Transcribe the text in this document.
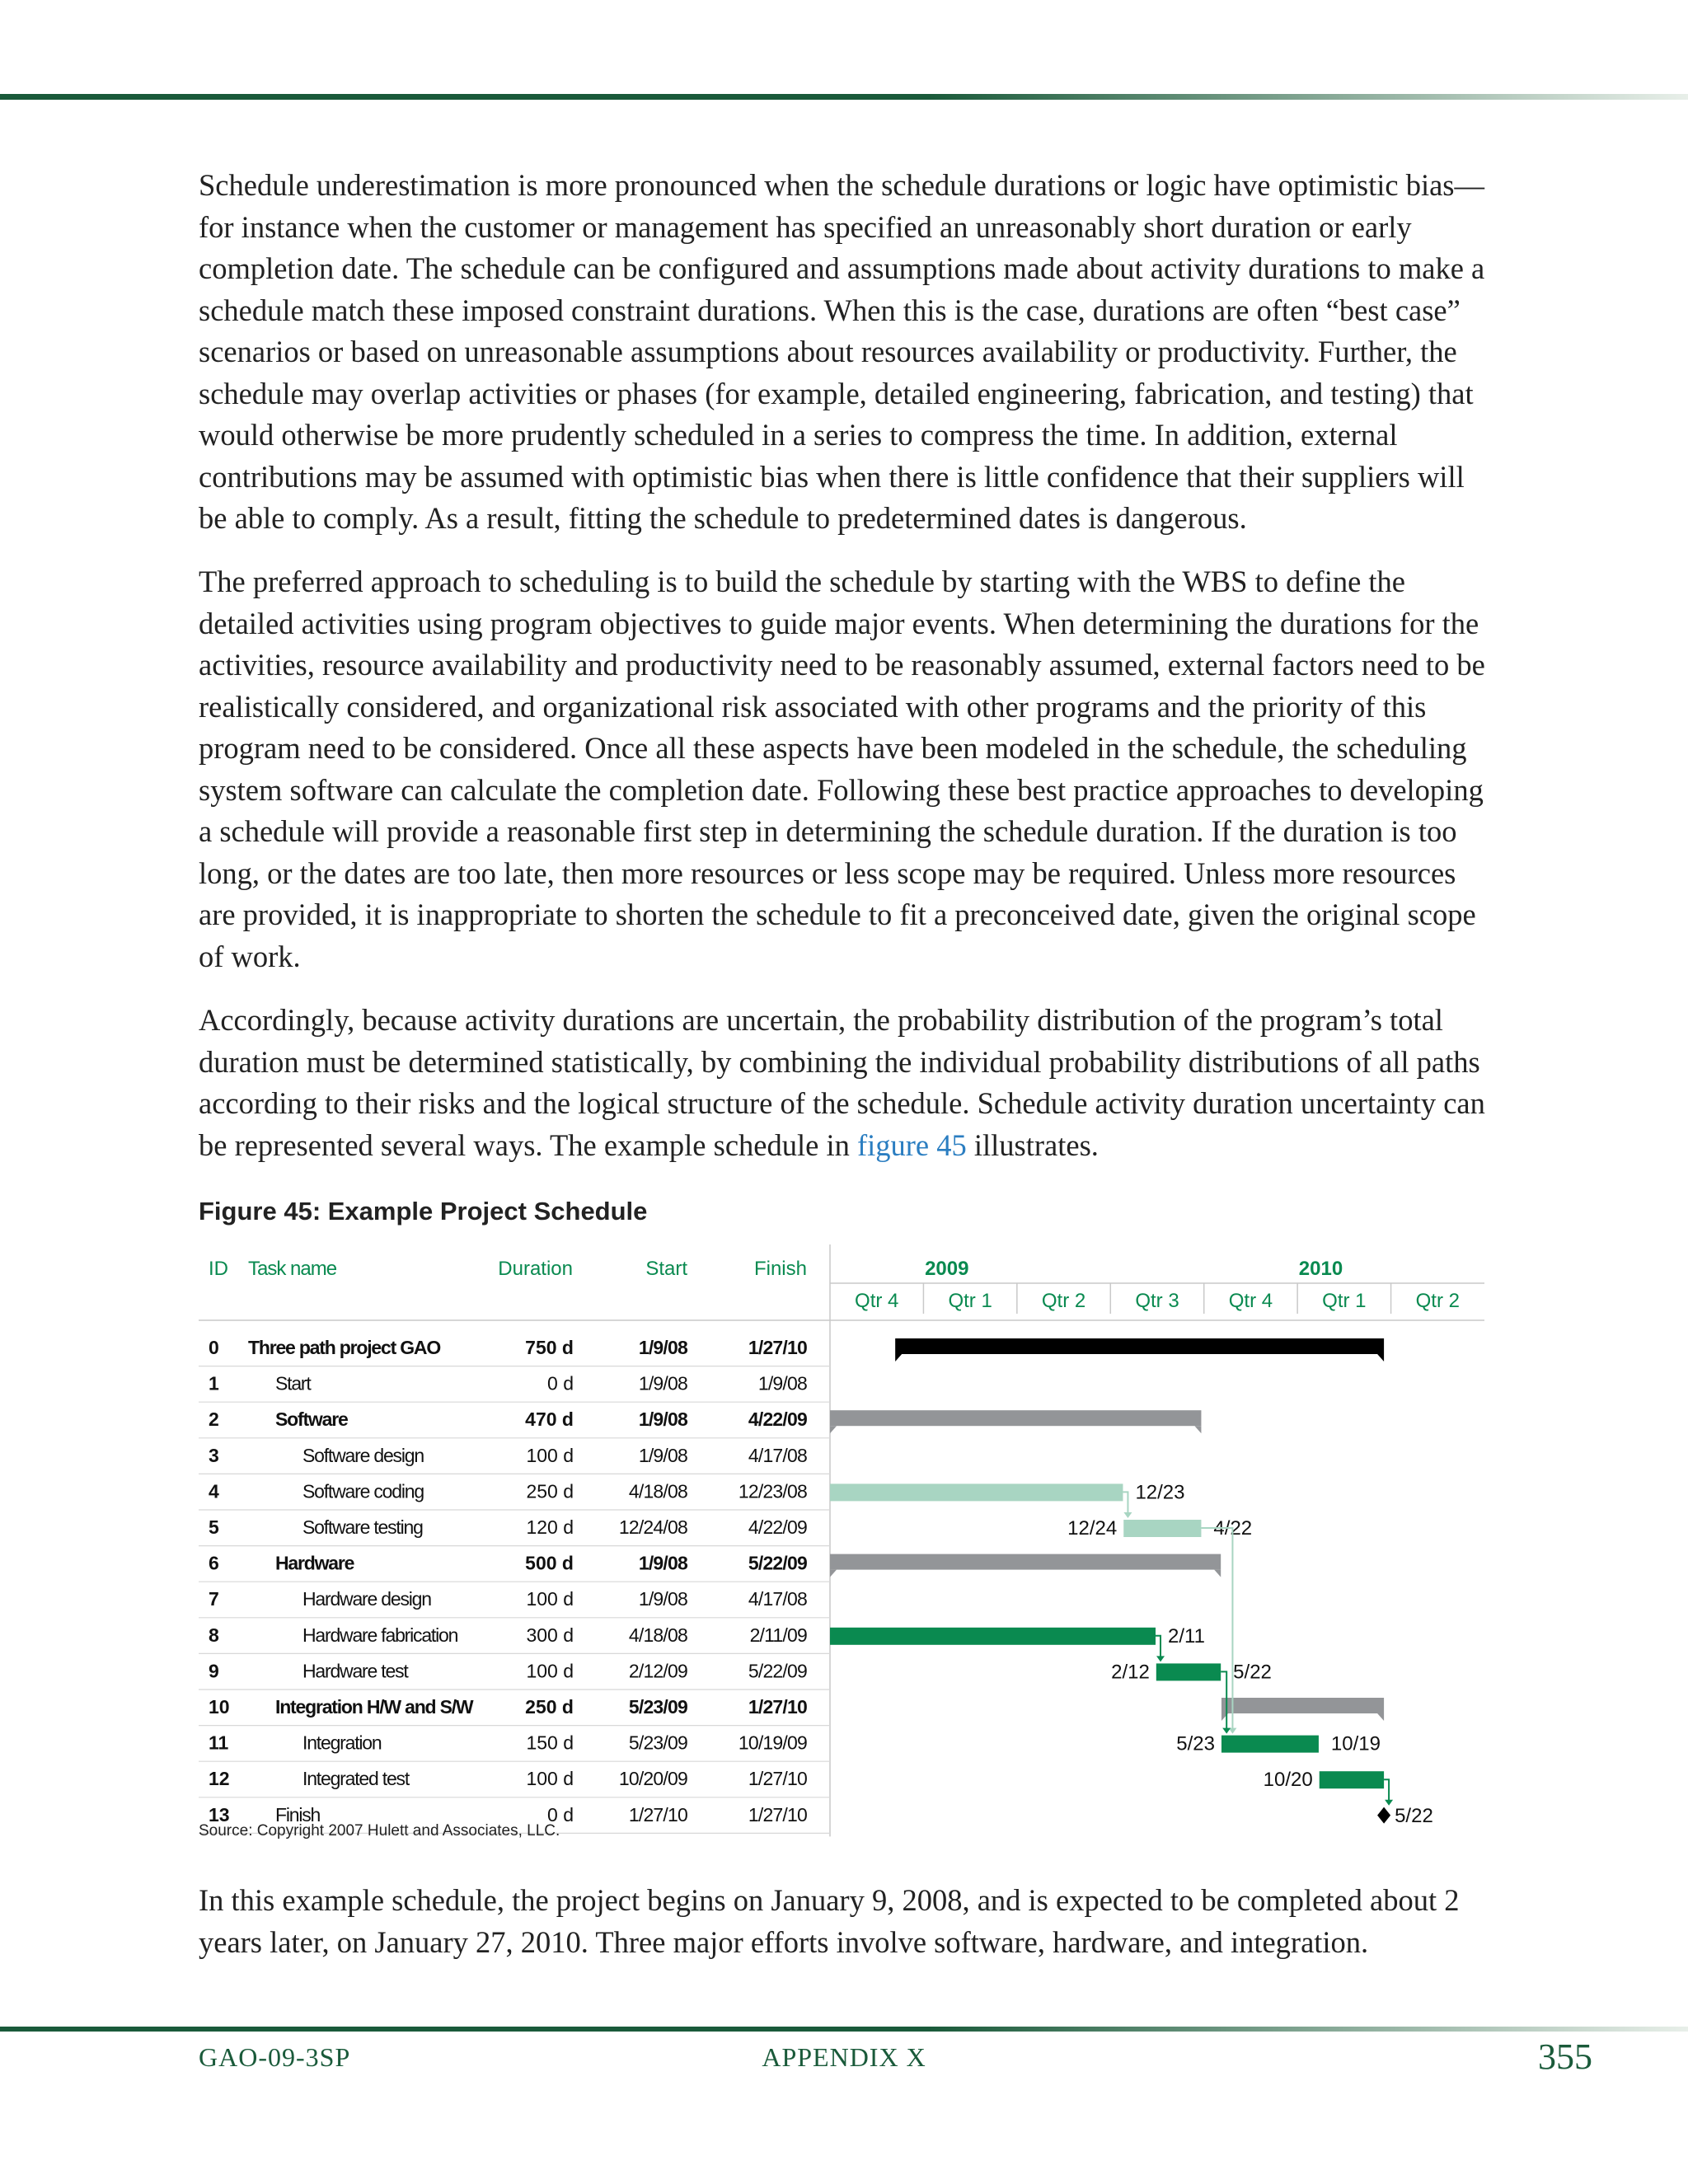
Schedule underestimation is more pronounced when the schedule durations or logic have optimistic bias—for instance when the customer or management has specified an unreasonably short duration or early completion date. The schedule can be configured and assumptions made about activity durations to make a schedule match these imposed constraint durations. When this is the case, durations are often “best case” scenarios or based on unreasonable assumptions about resources availability or productivity. Further, the schedule may overlap activities or phases (for example, detailed engineering, fabrication, and testing) that would otherwise be more prudently scheduled in a series to compress the time. In addition, external contributions may be assumed with optimistic bias when there is little confidence that their suppliers will be able to comply. As a result, fitting the schedule to predetermined dates is dangerous.

The preferred approach to scheduling is to build the schedule by starting with the WBS to define the detailed activities using program objectives to guide major events. When determining the durations for the activities, resource availability and productivity need to be reasonably assumed, external factors need to be realistically considered, and organizational risk associated with other programs and the priority of this program need to be considered. Once all these aspects have been modeled in the schedule, the scheduling system software can calculate the completion date. Following these best practice approaches to developing a schedule will provide a reasonable first step in determining the schedule duration. If the duration is too long, or the dates are too late, then more resources or less scope may be required. Unless more resources are provided, it is inappropriate to shorten the schedule to fit a preconceived date, given the original scope of work.

Accordingly, because activity durations are uncertain, the probability distribution of the program’s total duration must be determined statistically, by combining the individual probability distributions of all paths according to their risks and the logical structure of the schedule. Schedule activity duration uncertainty can be represented several ways. The example schedule in figure 45 illustrates.

Figure 45: Example Project Schedule
ID Task name	Duration	Start	Finish	2009	2010
Qtr 4	Qtr 1	Qtr 2	Qtr 3	Qtr 4	Qtr 1	Qtr 2
0 Three path project GAO	750 d	1/9/08	1/27/10
1	Start	0 d	1/9/08	1/9/08
2	Software	470 d	1/9/08	4/22/09
3	Software design	100 d	1/9/08	4/17/08
4	Software coding	250 d	4/18/08	12/23/08	12/23
5	Software testing	120 d 12/24/08	4/22/09	12/24	4/22
6	Hardware	500 d	1/9/08	5/22/09
7	Hardware design	100 d	1/9/08	4/17/08
8	Hardware fabrication	300 d	4/18/08	2/11/09	2/11
9	Hardware test	100 d	2/12/09	5/22/09	2/12	5/22
10 Integration H/W and S/W	250 d	5/23/09	1/27/10
11	Integration	150 d	5/23/09	10/19/09	5/23	10/19
12	Integrated test	100 d 10/20/09	1/27/10	10/20
13 Finish	0 d	1/27/10	1/27/10	5/22
Source: Copyright 2007 Hulett and Associates, LLC.

In this example schedule, the project begins on January 9, 2008, and is expected to be completed about 2 years later, on January 27, 2010. Three major efforts involve software, hardware, and integration.

GAO-09-3SP	APPENDIX X	355
